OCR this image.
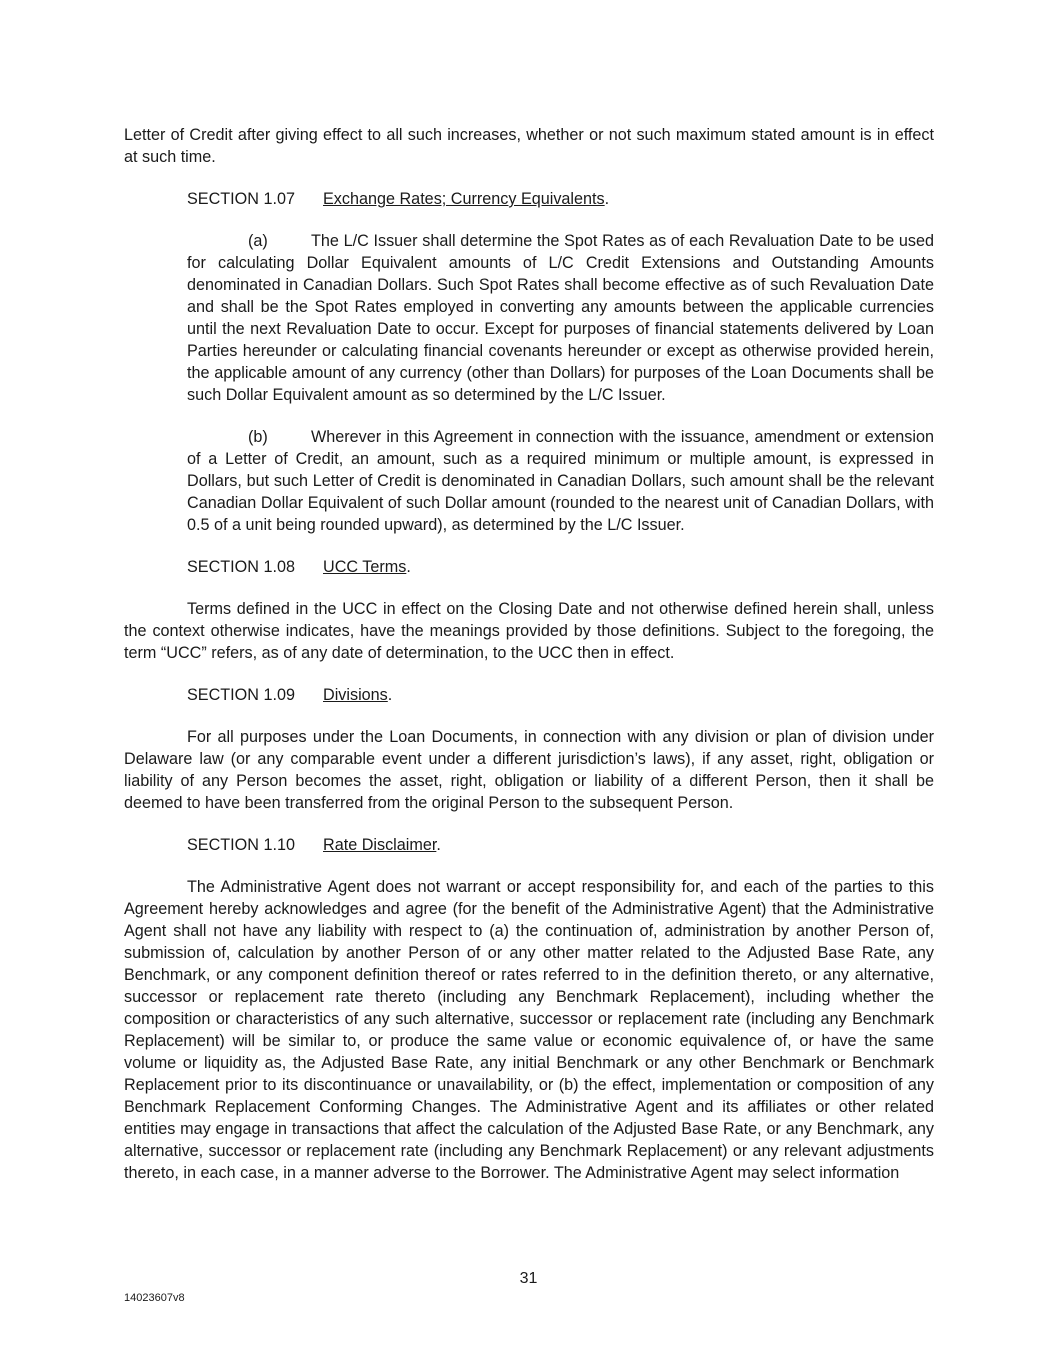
Letter of Credit after giving effect to all such increases, whether or not such maximum stated amount is in effect at such time.

SECTION 1.07 Exchange Rates; Currency Equivalents.

(a)	The L/C Issuer shall determine the Spot Rates as of each Revaluation Date to be used for calculating Dollar Equivalent amounts of L/C Credit Extensions and Outstanding Amounts denominated in Canadian Dollars. Such Spot Rates shall become effective as of such Revaluation Date and shall be the Spot Rates employed in converting any amounts between the applicable currencies until the next Revaluation Date to occur. Except for purposes of financial statements delivered by Loan Parties hereunder or calculating financial covenants hereunder or except as otherwise provided herein, the applicable amount of any currency (other than Dollars) for purposes of the Loan Documents shall be such Dollar Equivalent amount as so determined by the L/C Issuer.

(b)	Wherever in this Agreement in connection with the issuance, amendment or extension of a Letter of Credit, an amount, such as a required minimum or multiple amount, is expressed in Dollars, but such Letter of Credit is denominated in Canadian Dollars, such amount shall be the relevant Canadian Dollar Equivalent of such Dollar amount (rounded to the nearest unit of Canadian Dollars, with 0.5 of a unit being rounded upward), as determined by the L/C Issuer.

SECTION 1.08 UCC Terms.

Terms defined in the UCC in effect on the Closing Date and not otherwise defined herein shall, unless the context otherwise indicates, have the meanings provided by those definitions. Subject to the foregoing, the term “UCC” refers, as of any date of determination, to the UCC then in effect.

SECTION 1.09 Divisions.

For all purposes under the Loan Documents, in connection with any division or plan of division under Delaware law (or any comparable event under a different jurisdiction’s laws), if any asset, right, obligation or liability of any Person becomes the asset, right, obligation or liability of a different Person, then it shall be deemed to have been transferred from the original Person to the subsequent Person.

SECTION 1.10 Rate Disclaimer.

The Administrative Agent does not warrant or accept responsibility for, and each of the parties to this Agreement hereby acknowledges and agree (for the benefit of the Administrative Agent) that the Administrative Agent shall not have any liability with respect to (a) the continuation of, administration by another Person of, submission of, calculation by another Person of or any other matter related to the Adjusted Base Rate, any Benchmark, or any component definition thereof or rates referred to in the definition thereto, or any alternative, successor or replacement rate thereto (including any Benchmark Replacement), including whether the composition or characteristics of any such alternative, successor or replacement rate (including any Benchmark Replacement) will be similar to, or produce the same value or economic equivalence of, or have the same volume or liquidity as, the Adjusted Base Rate, any initial Benchmark or any other Benchmark or Benchmark Replacement prior to its discontinuance or unavailability, or (b) the effect, implementation or composition of any Benchmark Replacement Conforming Changes. The Administrative Agent and its affiliates or other related entities may engage in transactions that affect the calculation of the Adjusted Base Rate, or any Benchmark, any alternative, successor or replacement rate (including any Benchmark Replacement) or any relevant adjustments thereto, in each case, in a manner adverse to the Borrower. The Administrative Agent may select information

31
14023607v8
